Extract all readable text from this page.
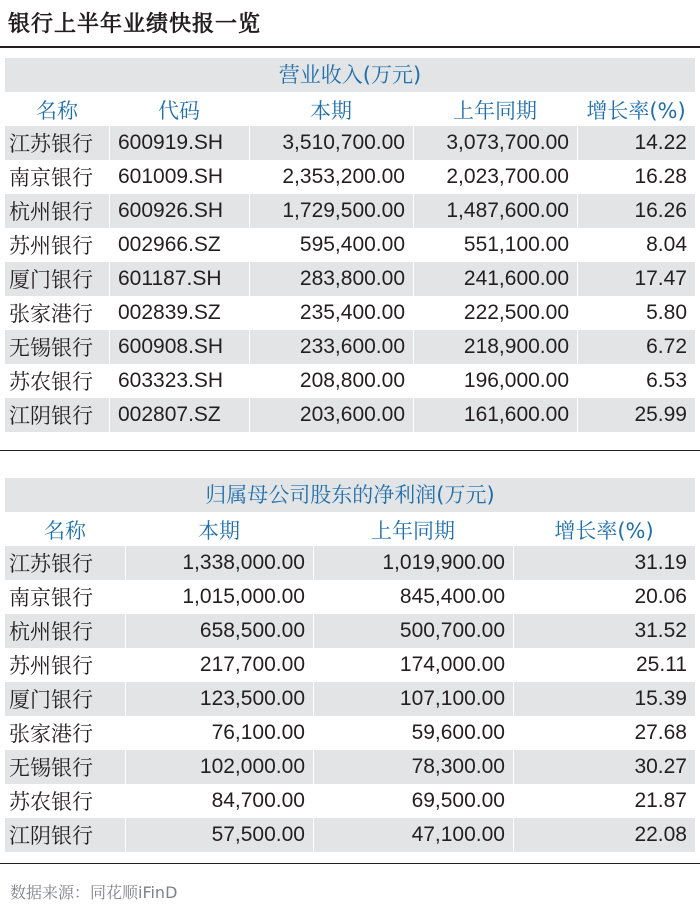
银行上半年业绩快报一览
营业收入(万元)
名称	代码	本期	上年同期	增长率(%)
江苏银行	600919.SH	3,510,700.00	3,073,700.00	14.22
南京银行	601009.SH	2,353,200.00	2,023,700.00	16.28
杭州银行	600926.SH	1,729,500.00	1,487,600.00	16.26
苏州银行	002966.SZ	595,400.00	551,100.00	8.04
厦门银行	601187.SH	283,800.00	241,600.00	17.47
张家港行	002839.SZ	235,400.00	222,500.00	5.80
无锡银行	600908.SH	233,600.00	218,900.00	6.72
苏农银行	603323.SH	208,800.00	196,000.00	6.53
江阴银行	002807.SZ	203,600.00	161,600.00	25.99
归属母公司股东的净利润(万元)
名称	本期	上年同期	增长率(%)
江苏银行	1,338,000.00	1,019,900.00	31.19
南京银行	1,015,000.00	845,400.00	20.06
杭州银行	658,500.00	500,700.00	31.52
苏州银行	217,700.00	174,000.00	25.11
厦门银行	123,500.00	107,100.00	15.39
张家港行	76,100.00	59,600.00	27.68
无锡银行	102,000.00	78,300.00	30.27
苏农银行	84,700.00	69,500.00	21.87
江阴银行	57,500.00	47,100.00	22.08
数据来源：同花顺iFinD
